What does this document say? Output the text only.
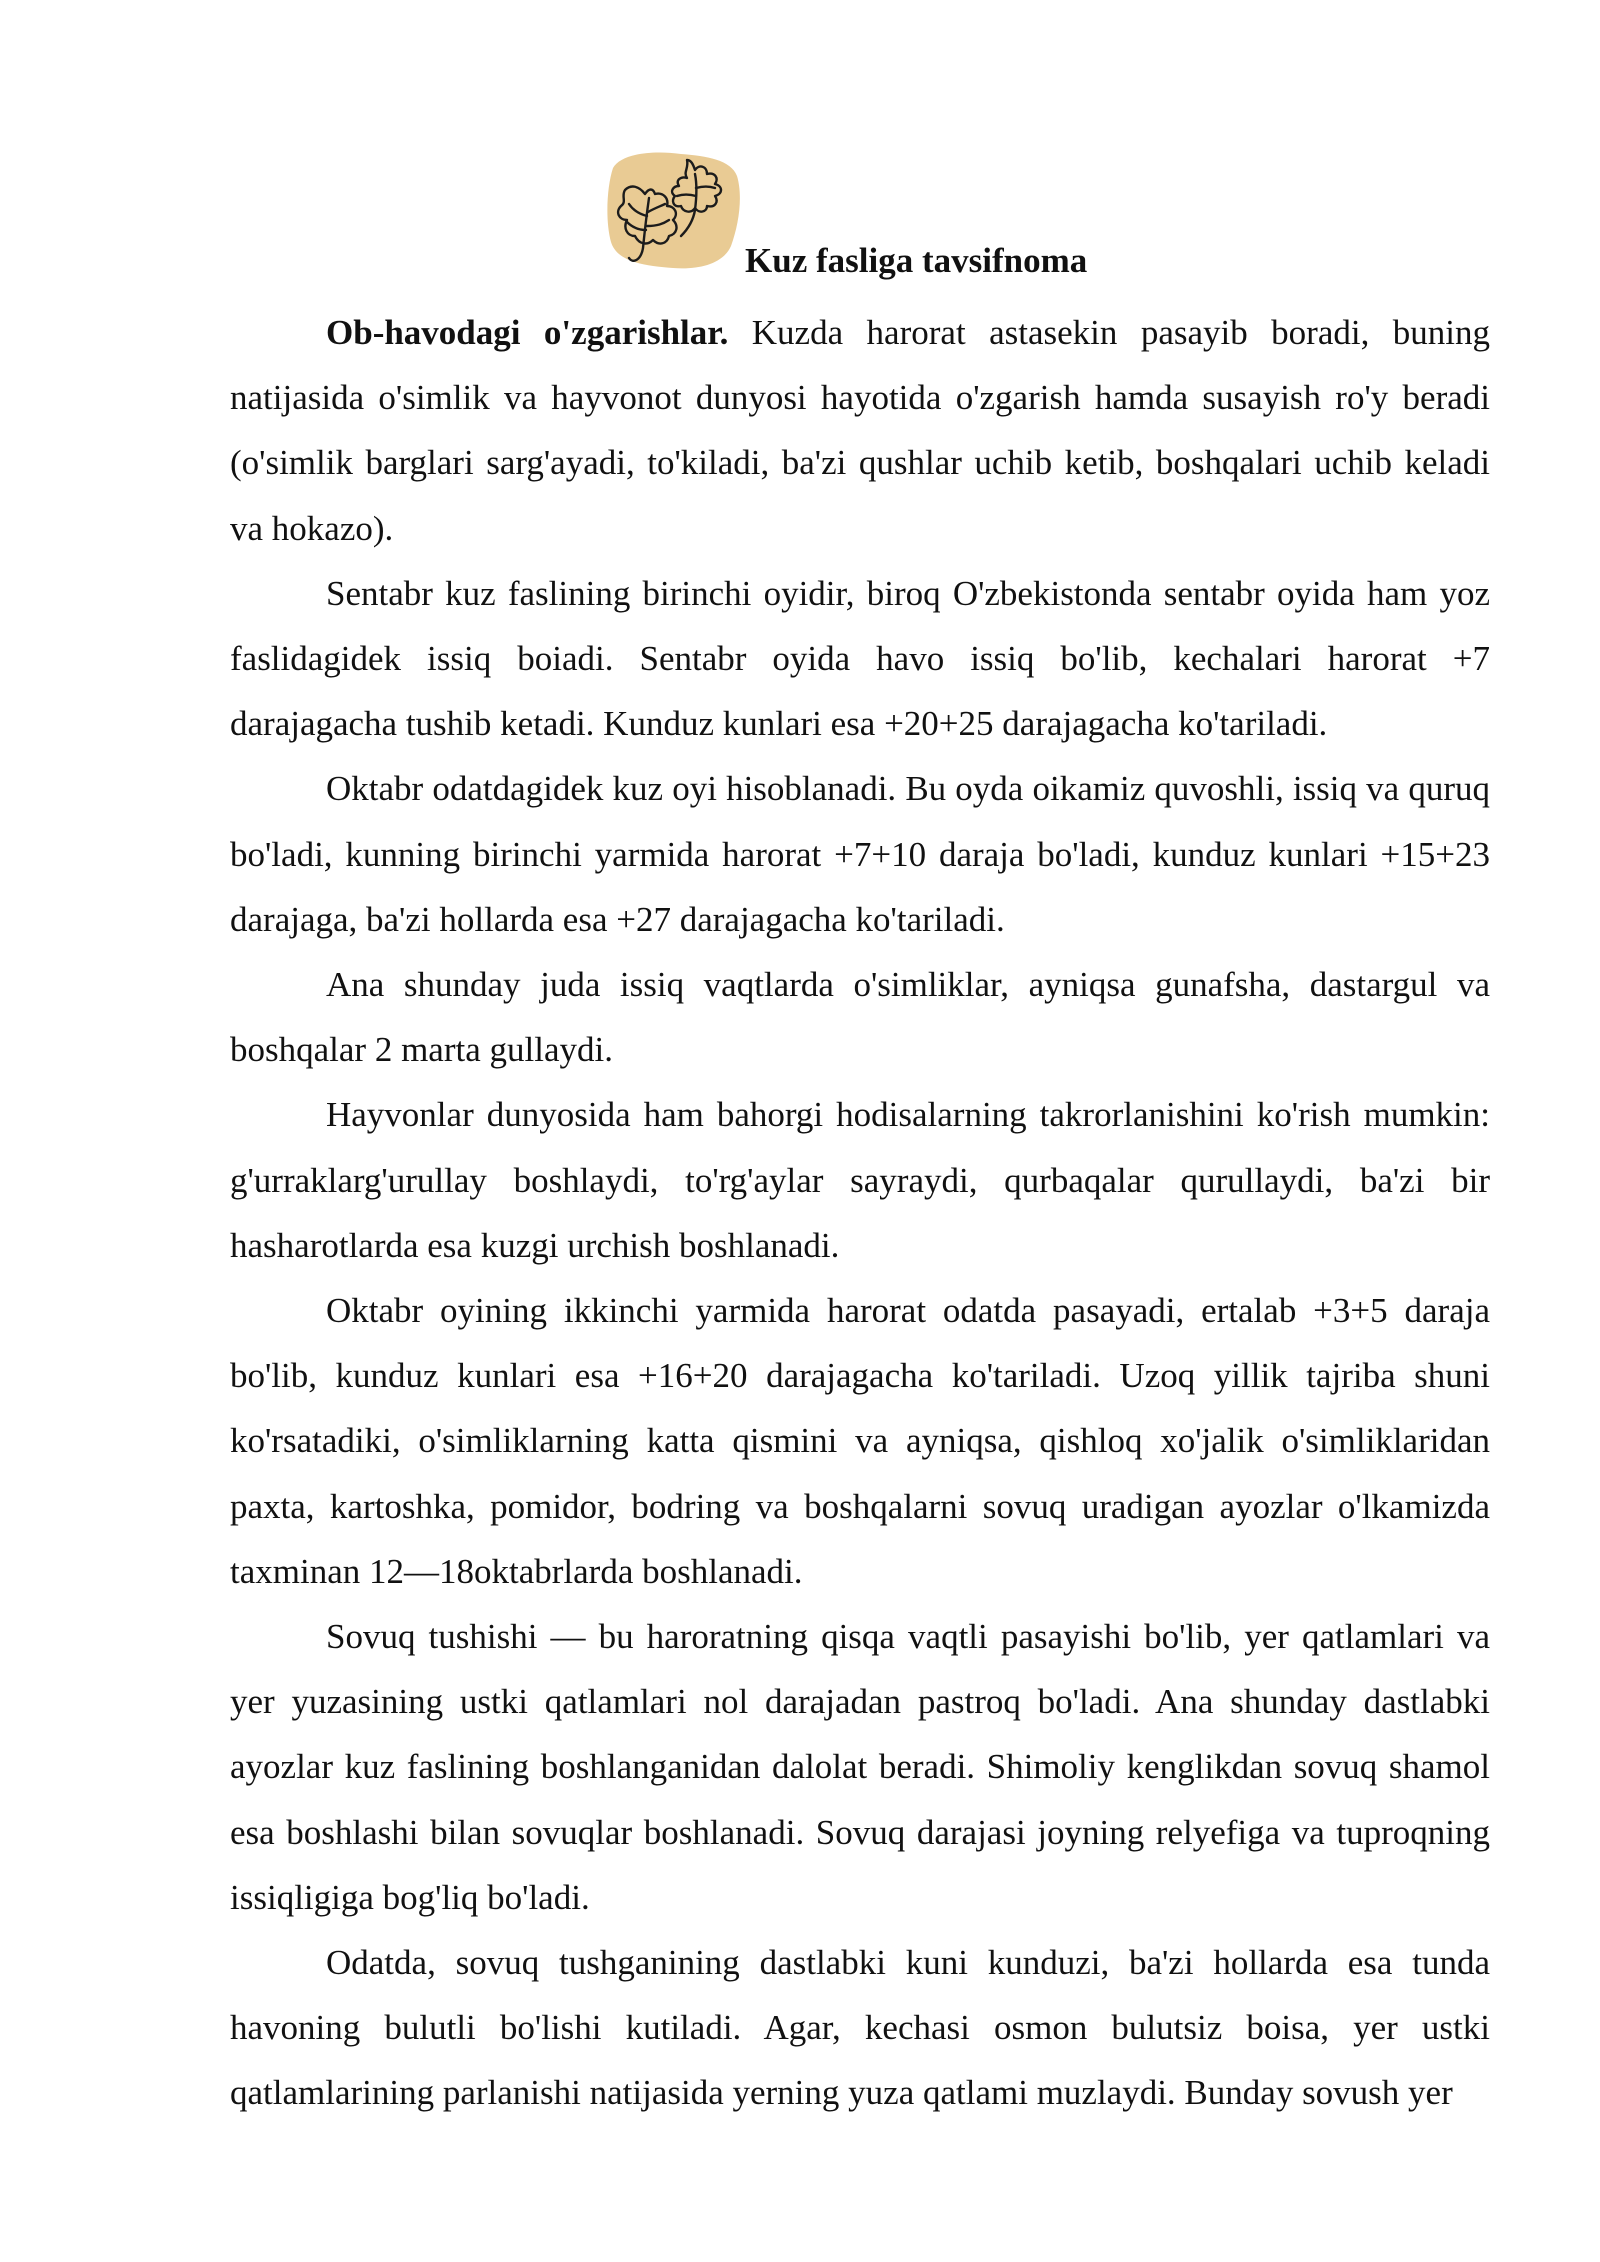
Kuz fasliga tavsifnoma

Ob-havodagi o'zgarishlar. Kuzda harorat astasekin pasayib boradi, buning natijasida o'simlik va hayvonot dunyosi hayotida o'zgarish hamda susayish ro'y beradi (o'simlik barglari sarg'ayadi, to'kiladi, ba'zi qushlar uchib ketib, boshqalari uchib keladi va hokazo).

Sentabr kuz faslining birinchi oyidir, biroq O'zbekistonda sentabr oyida ham yoz faslidagidek issiq boiadi. Sentabr oyida havo issiq bo'lib, kechalari harorat +7 darajagacha tushib ketadi. Kunduz kunlari esa +20+25 darajagacha ko'tariladi.

Oktabr odatdagidek kuz oyi hisoblanadi. Bu oyda oikamiz quvoshli, issiq va quruq bo'ladi, kunning birinchi yarmida harorat +7+10 daraja bo'ladi, kunduz kunlari +15+23 darajaga, ba'zi hollarda esa +27 darajagacha ko'tariladi.

Ana shunday juda issiq vaqtlarda o'simliklar, ayniqsa gunafsha, dastargul va boshqalar 2 marta gullaydi.

Hayvonlar dunyosida ham bahorgi hodisalarning takrorlanishini ko'rish mumkin: g'urraklarg'urullay boshlaydi, to'rg'aylar sayraydi, qurbaqalar qurullaydi, ba'zi bir hasharotlarda esa kuzgi urchish boshlanadi.

Oktabr oyining ikkinchi yarmida harorat odatda pasayadi, ertalab +3+5 daraja bo'lib, kunduz kunlari esa +16+20 darajagacha ko'tariladi. Uzoq yillik tajriba shuni ko'rsatadiki, o'simliklarning katta qismini va ayniqsa, qishloq xo'jalik o'simliklaridan paxta, kartoshka, pomidor, bodring va boshqalarni sovuq uradigan ayozlar o'lkamizda taxminan 12—18oktabrlarda boshlanadi.

Sovuq tushishi — bu haroratning qisqa vaqtli pasayishi bo'lib, yer qatlamlari va yer yuzasining ustki qatlamlari nol darajadan pastroq bo'ladi. Ana shunday dastlabki ayozlar kuz faslining boshlanganidan dalolat beradi. Shimoliy kenglikdan sovuq shamol esa boshlashi bilan sovuqlar boshlanadi. Sovuq darajasi joyning relyefiga va tuproqning issiqligiga bog'liq bo'ladi.

Odatda, sovuq tushganining dastlabki kuni kunduzi, ba'zi hollarda esa tunda havoning bulutli bo'lishi kutiladi. Agar, kechasi osmon bulutsiz boisa, yer ustki qatlamlarining parlanishi natijasida yerning yuza qatlami muzlaydi. Bunday sovush yer
